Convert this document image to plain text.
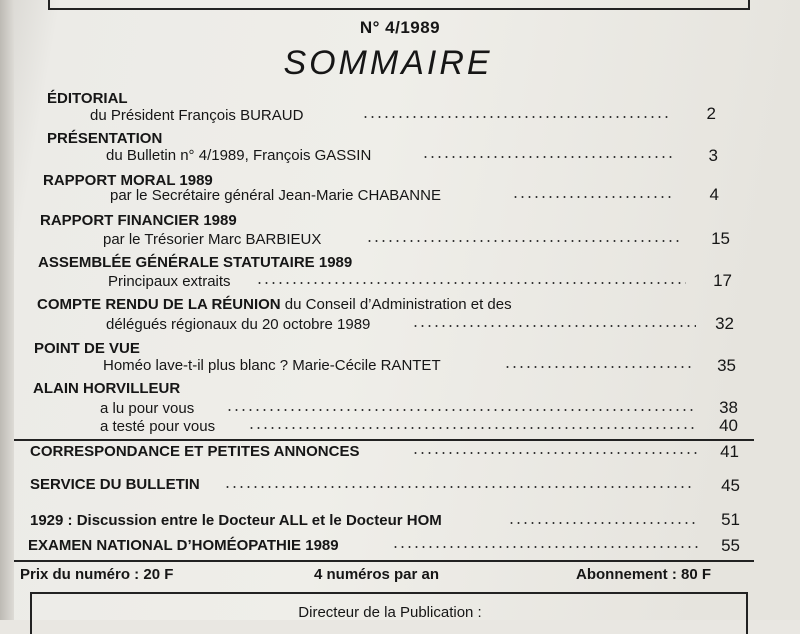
N° 4/1989
SOMMAIRE
ÉDITORIAL
du Président François BURAUD	2
PRÉSENTATION
du Bulletin n° 4/1989, François GASSIN	3
RAPPORT MORAL 1989
par le Secrétaire général Jean-Marie CHABANNE	4
RAPPORT FINANCIER 1989
par le Trésorier Marc BARBIEUX	15
ASSEMBLÉE GÉNÉRALE STATUTAIRE 1989
Principaux extraits	17
COMPTE RENDU DE LA RÉUNION du Conseil d’Administration et des
délégués régionaux du 20 octobre 1989	32
POINT DE VUE
Homéo lave-t-il plus blanc ? Marie-Cécile RANTET	35
ALAIN HORVILLEUR
a lu pour vous	38
a testé pour vous	40
CORRESPONDANCE ET PETITES ANNONCES	41
SERVICE DU BULLETIN	45
1929 : Discussion entre le Docteur ALL et le Docteur HOM	51
EXAMEN NATIONAL D’HOMÉOPATHIE 1989	55
Prix du numéro : 20 F	4 numéros par an	Abonnement : 80 F
Directeur de la Publication :
